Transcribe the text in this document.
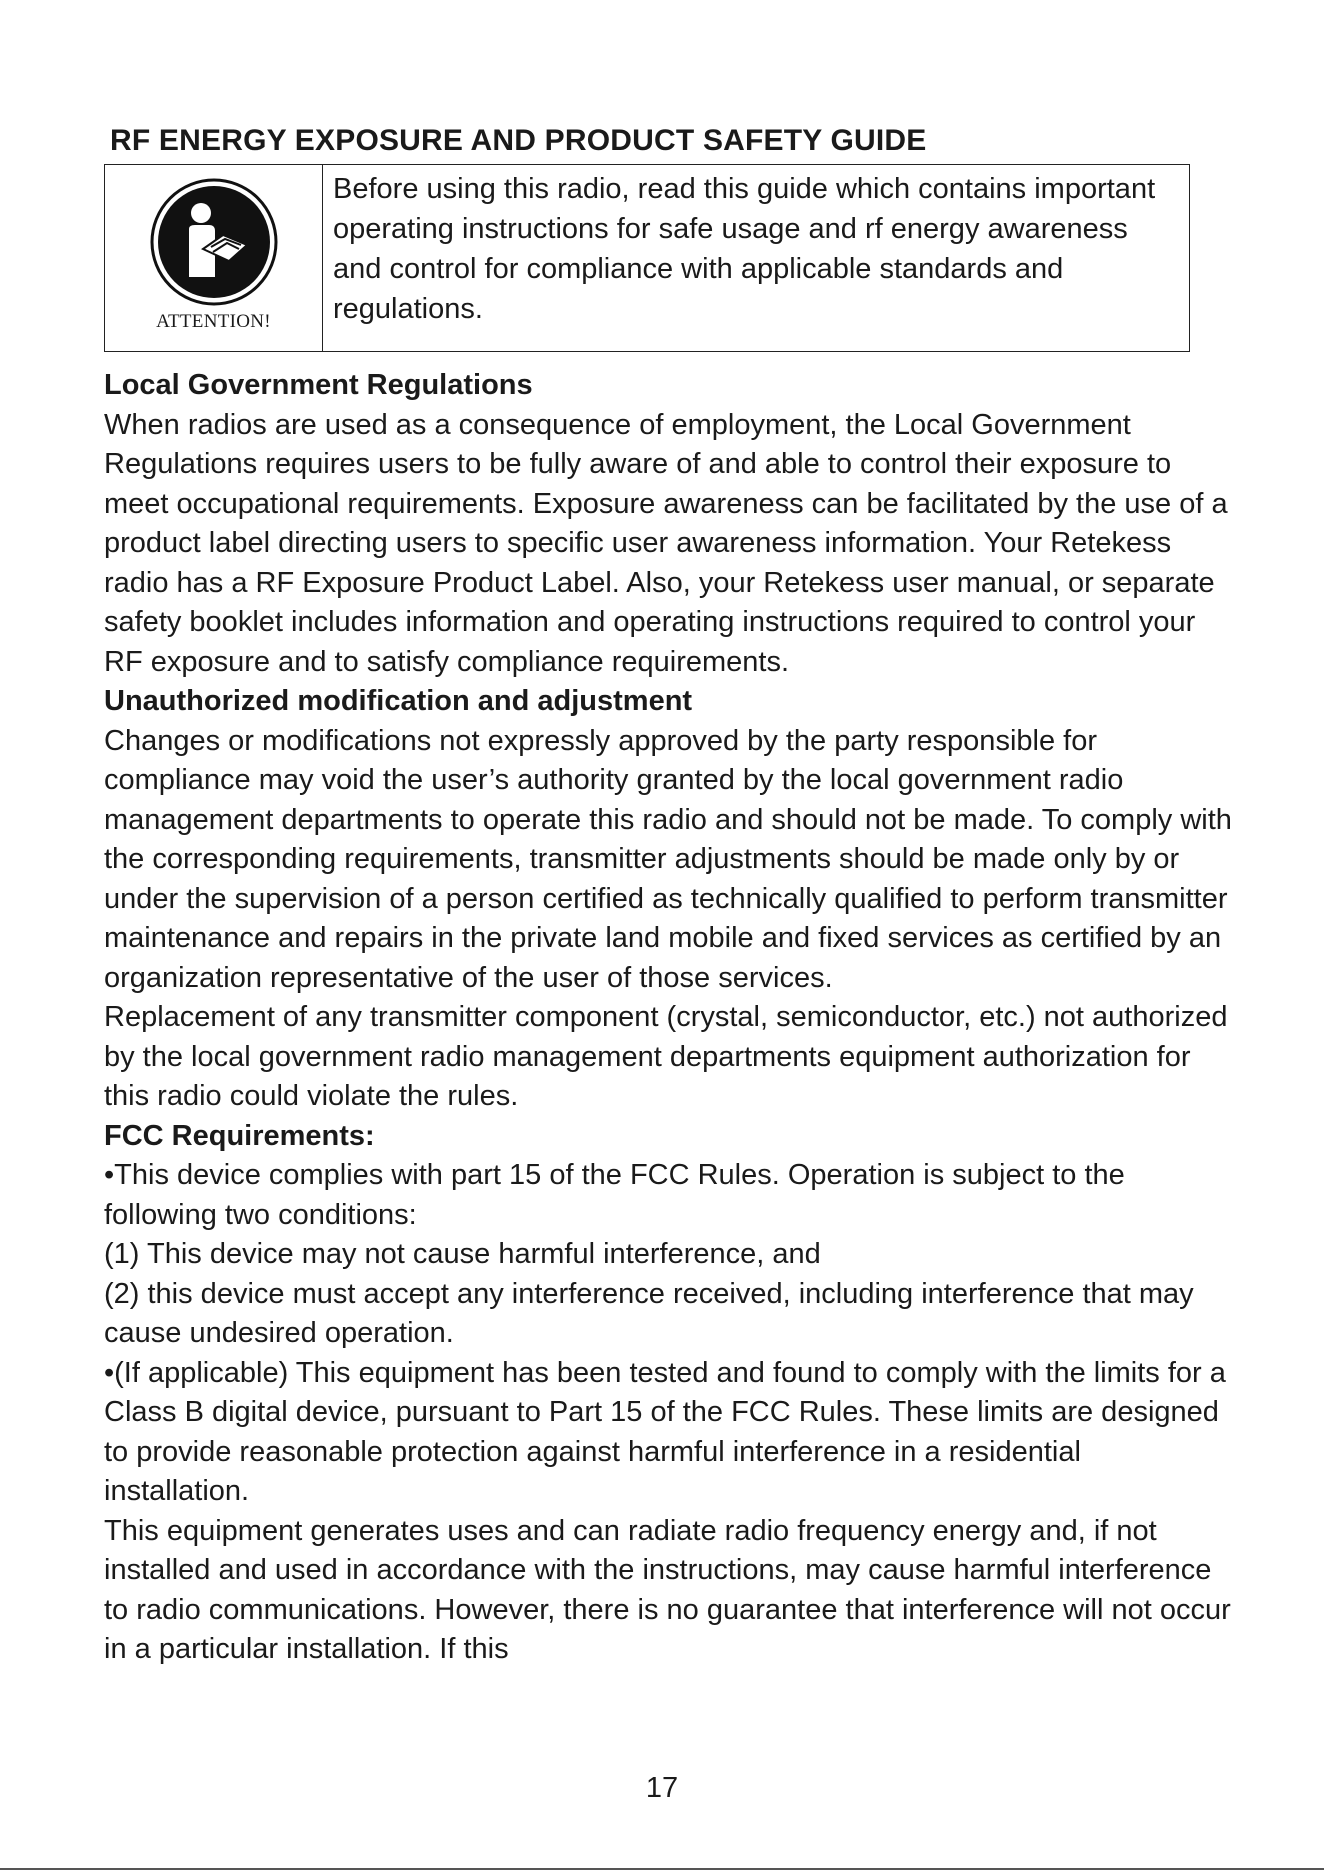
RF ENERGY EXPOSURE AND PRODUCT SAFETY GUIDE
ATTENTION!
Before using this radio, read this guide which contains important operating instructions for safe usage and rf energy awareness and control for compliance with applicable standards and regulations.
Local Government Regulations
When radios are used as a consequence of employment, the Local Government Regulations requires users to be fully aware of and able to control their exposure to meet occupational requirements. Exposure awareness can be facilitated by the use of a product label directing users to specific user awareness information. Your Retekess radio has a RF Exposure Product Label. Also, your Retekess user manual, or separate safety booklet includes information and operating instructions required to control your RF exposure and to satisfy compliance requirements.
Unauthorized modification and adjustment
Changes or modifications not expressly approved by the party responsible for compliance may void the user’s authority granted by the local government radio management departments to operate this radio and should not be made. To comply with the corresponding requirements, transmitter adjustments should be made only by or under the supervision of a person certified as technically qualified to perform transmitter maintenance and repairs in the private land mobile and fixed services as certified by an organization representative of the user of those services.
Replacement of any transmitter component (crystal, semiconductor, etc.) not authorized by the local government radio management departments equipment authorization for this radio could violate the rules.
FCC Requirements:
•This device complies with part 15 of the FCC Rules. Operation is subject to the following two conditions:
(1) This device may not cause harmful interference, and
(2) this device must accept any interference received, including interference that may cause undesired operation.
•(If applicable) This equipment has been tested and found to comply with the limits for a Class B digital device, pursuant to Part 15 of the FCC Rules. These limits are designed to provide reasonable protection against harmful interference in a residential installation.
This equipment generates uses and can radiate radio frequency energy and, if not installed and used in accordance with the instructions, may cause harmful interference to radio communications. However, there is no guarantee that interference will not occur in a particular installation. If this
17
